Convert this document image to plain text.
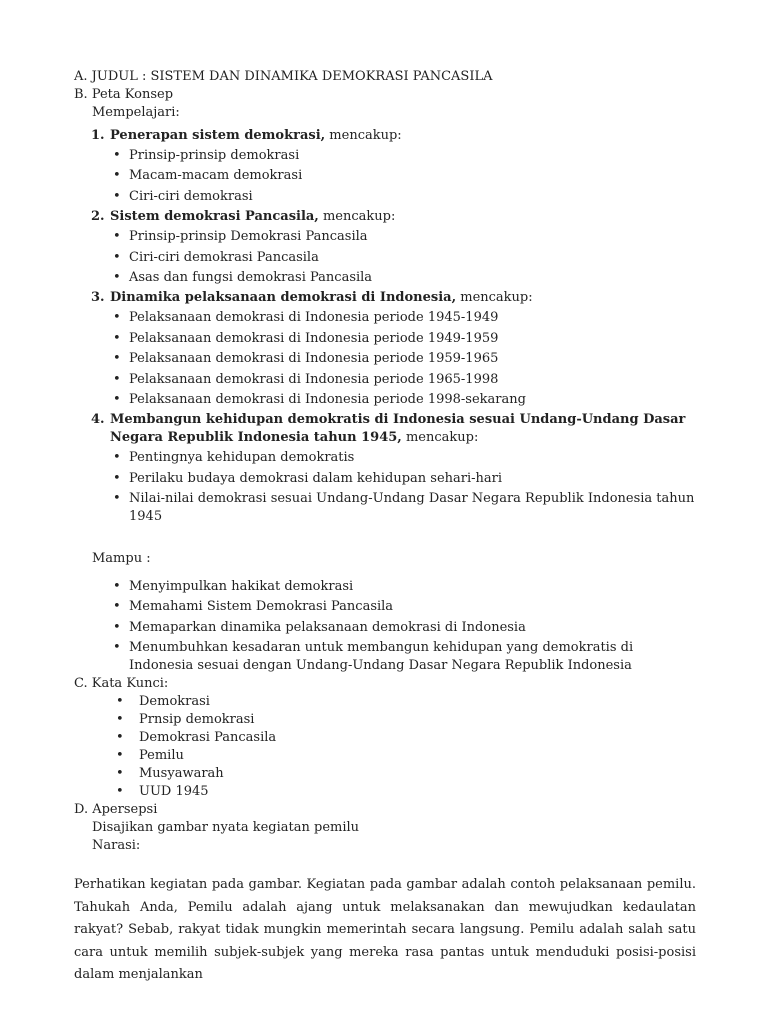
A. JUDUL : SISTEM DAN DINAMIKA DEMOKRASI PANCASILA
B. Peta Konsep
Mempelajari:
1. Penerapan sistem demokrasi, mencakup:
• Prinsip-prinsip demokrasi
• Macam-macam demokrasi
• Ciri-ciri demokrasi
2. Sistem demokrasi Pancasila, mencakup:
• Prinsip-prinsip Demokrasi Pancasila
• Ciri-ciri demokrasi Pancasila
• Asas dan fungsi demokrasi Pancasila
3. Dinamika pelaksanaan demokrasi di Indonesia, mencakup:
• Pelaksanaan demokrasi di Indonesia periode 1945-1949
• Pelaksanaan demokrasi di Indonesia periode 1949-1959
• Pelaksanaan demokrasi di Indonesia periode 1959-1965
• Pelaksanaan demokrasi di Indonesia periode 1965-1998
• Pelaksanaan demokrasi di Indonesia periode 1998-sekarang
4. Membangun kehidupan demokratis di Indonesia sesuai Undang-Undang Dasar Negara Republik Indonesia tahun 1945, mencakup:
• Pentingnya kehidupan demokratis
• Perilaku budaya demokrasi dalam kehidupan sehari-hari
• Nilai-nilai demokrasi sesuai Undang-Undang Dasar Negara Republik Indonesia tahun 1945
Mampu :
• Menyimpulkan hakikat demokrasi
• Memahami Sistem Demokrasi Pancasila
• Memaparkan dinamika pelaksanaan demokrasi di Indonesia
• Menumbuhkan kesadaran untuk membangun kehidupan yang demokratis di Indonesia sesuai dengan Undang-Undang Dasar Negara Republik Indonesia
C. Kata Kunci:
• Demokrasi
• Prnsip demokrasi
• Demokrasi Pancasila
• Pemilu
• Musyawarah
• UUD 1945
D. Apersepsi
Disajikan gambar nyata kegiatan pemilu
Narasi:
Perhatikan kegiatan pada gambar. Kegiatan pada gambar adalah contoh pelaksanaan pemilu. Tahukah Anda, Pemilu adalah ajang untuk melaksanakan dan mewujudkan kedaulatan rakyat? Sebab, rakyat tidak mungkin memerintah secara langsung. Pemilu adalah salah satu cara untuk memilih subjek-subjek yang mereka rasa pantas untuk menduduki posisi-posisi dalam menjalankan
